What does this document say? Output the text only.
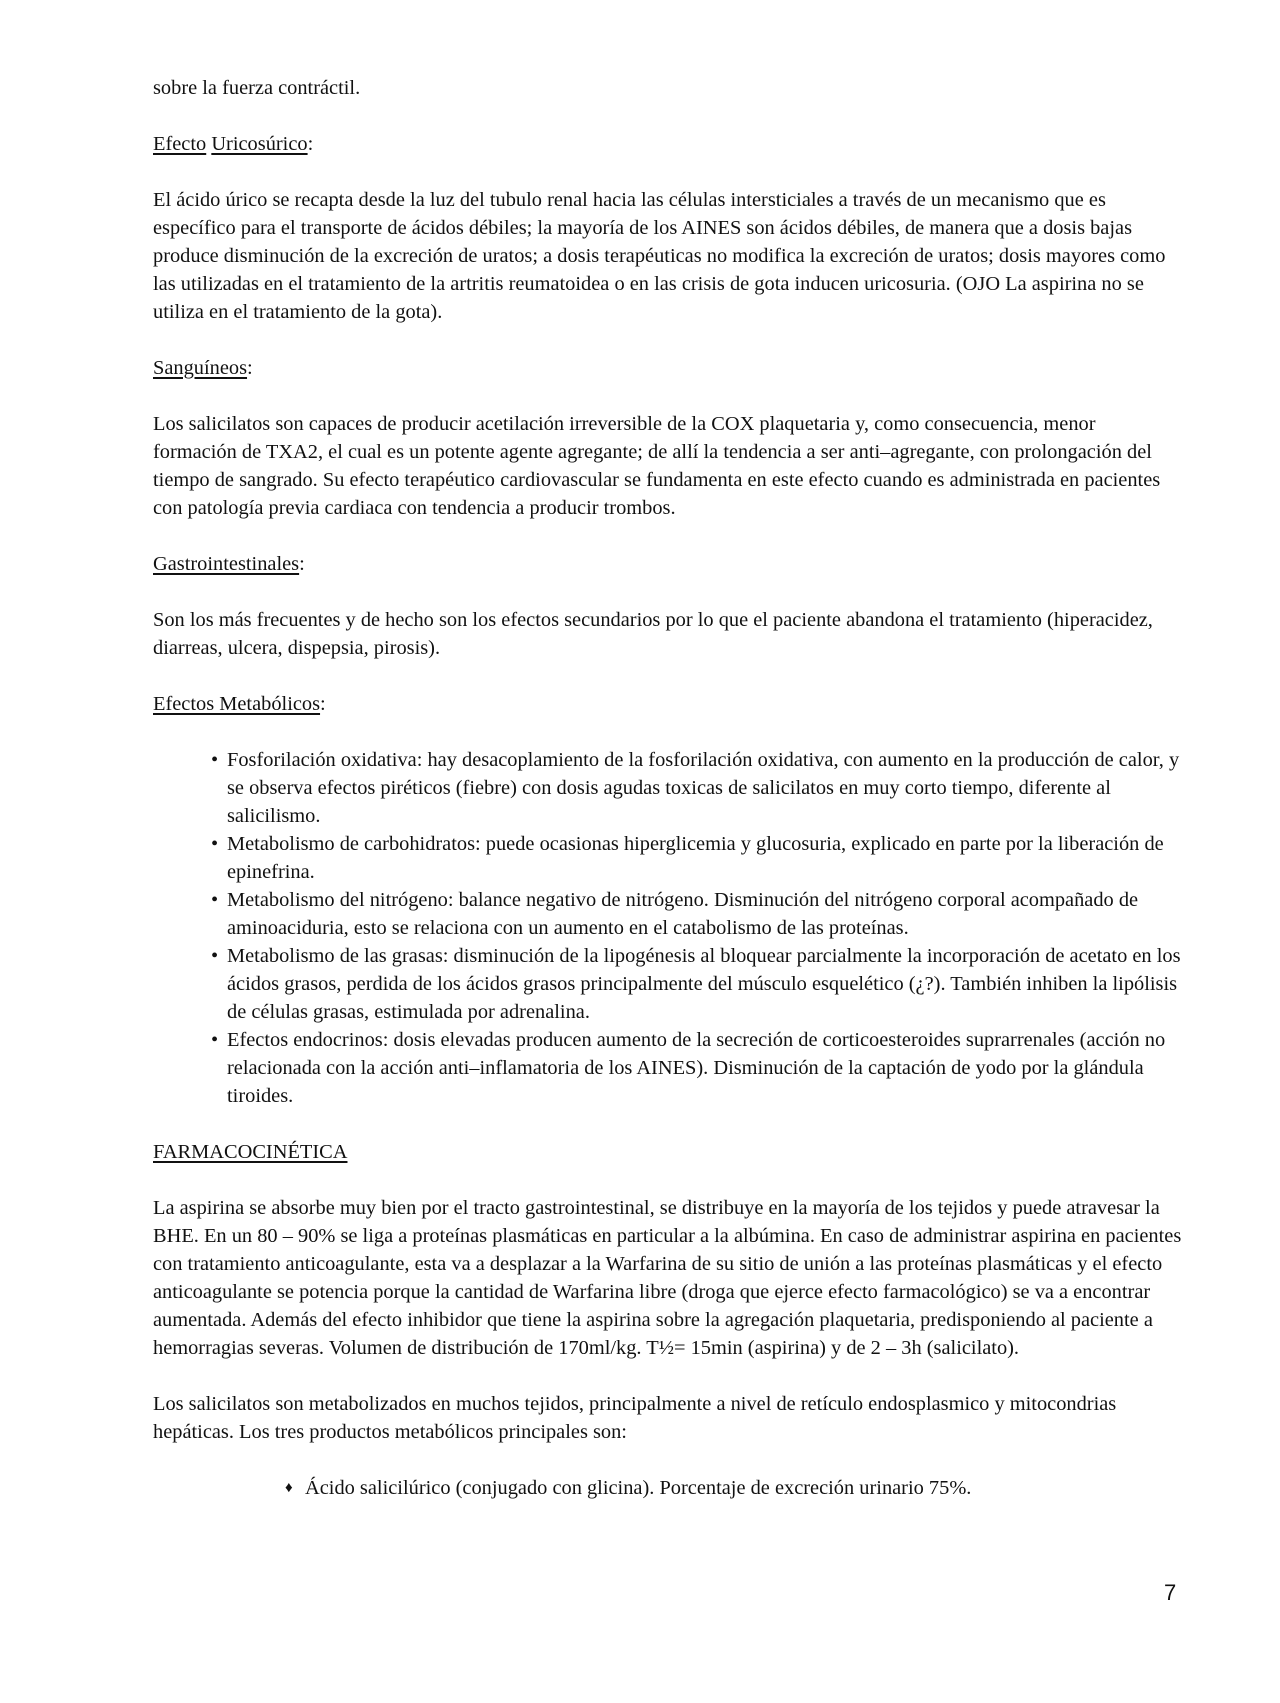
sobre la fuerza contráctil.

Efecto Uricosúrico:

El ácido úrico se recapta desde la luz del tubulo renal hacia las células intersticiales a través de un mecanismo que es específico para el transporte de ácidos débiles; la mayoría de los AINES son ácidos débiles, de manera que a dosis bajas produce disminución de la excreción de uratos; a dosis terapéuticas no modifica la excreción de uratos; dosis mayores como las utilizadas en el tratamiento de la artritis reumatoidea o en las crisis de gota inducen uricosuria. (OJO La aspirina no se utiliza en el tratamiento de la gota).

Sanguíneos:

Los salicilatos son capaces de producir acetilación irreversible de la COX plaquetaria y, como consecuencia, menor formación de TXA2, el cual es un potente agente agregante; de allí la tendencia a ser anti‒agregante, con prolongación del tiempo de sangrado. Su efecto terapéutico cardiovascular se fundamenta en este efecto cuando es administrada en pacientes con patología previa cardiaca con tendencia a producir trombos.

Gastrointestinales:

Son los más frecuentes y de hecho son los efectos secundarios por lo que el paciente abandona el tratamiento (hiperacidez, diarreas, ulcera, dispepsia, pirosis).

Efectos Metabólicos:
• Fosforilación oxidativa: hay desacoplamiento de la fosforilación oxidativa, con aumento en la producción de calor, y se observa efectos piréticos (fiebre) con dosis agudas toxicas de salicilatos en muy corto tiempo, diferente al salicilismo.
• Metabolismo de carbohidratos: puede ocasionas hiperglicemia y glucosuria, explicado en parte por la liberación de epinefrina.
• Metabolismo del nitrógeno: balance negativo de nitrógeno. Disminución del nitrógeno corporal acompañado de aminoaciduria, esto se relaciona con un aumento en el catabolismo de las proteínas.
• Metabolismo de las grasas: disminución de la lipogénesis al bloquear parcialmente la incorporación de acetato en los ácidos grasos, perdida de los ácidos grasos principalmente del músculo esquelético (¿?). También inhiben la lipólisis de células grasas, estimulada por adrenalina.
• Efectos endocrinos: dosis elevadas producen aumento de la secreción de corticoesteroides suprarrenales (acción no relacionada con la acción anti‒inflamatoria de los AINES). Disminución de la captación de yodo por la glándula tiroides.
FARMACOCINÉTICA

La aspirina se absorbe muy bien por el tracto gastrointestinal, se distribuye en la mayoría de los tejidos y puede atravesar la BHE. En un 80 ‒ 90% se liga a proteínas plasmáticas en particular a la albúmina. En caso de administrar aspirina en pacientes con tratamiento anticoagulante, esta va a desplazar a la Warfarina de su sitio de unión a las proteínas plasmáticas y el efecto anticoagulante se potencia porque la cantidad de Warfarina libre (droga que ejerce efecto farmacológico) se va a encontrar aumentada. Además del efecto inhibidor que tiene la aspirina sobre la agregación plaquetaria, predisponiendo al paciente a hemorragias severas. Volumen de distribución de 170ml/kg. T½= 15min (aspirina) y de 2 ‒ 3h (salicilato).

Los salicilatos son metabolizados en muchos tejidos, principalmente a nivel de retículo endosplasmico y mitocondrias hepáticas. Los tres productos metabólicos principales son:

♦ Ácido salicilúrico (conjugado con glicina). Porcentaje de excreción urinario 75%.
7
